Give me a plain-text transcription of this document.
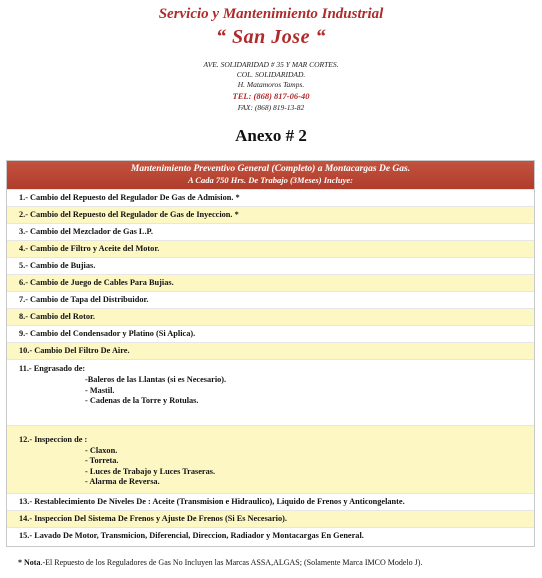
Servicio y Mantenimiento Industrial
“ San Jose “
AVE. SOLIDARIDAD # 35 Y MAR CORTES.
COL. SOLIDARIDAD.
H. Matamoros Tamps.
TEL: (868) 817-06-40
FAX: (868) 819-13-82
Anexo # 2
Mantenimiento Preventivo General (Completo) a Montacargas De Gas.
A Cada 750 Hrs. De Trabajo (3Meses) Incluye:
1.- Cambio del Repuesto del Regulador De Gas de Admision. *
2.- Cambio del Repuesto del Regulador de Gas de Inyeccion. *
3.- Cambio del Mezclador de Gas L.P.
4.- Cambio de Filtro y Aceite del Motor.
5.- Cambio de Bujias.
6.- Cambio de Juego de Cables Para Bujias.
7.- Cambio de Tapa del Distribuidor.
8.- Cambio del Rotor.
9.- Cambio del Condensador y Platino (Si Aplica).
10.- Cambio Del Filtro De Aire.
11.- Engrasado de:
-Baleros de las Llantas (si es Necesario).
- Mastil.
- Cadenas de la Torre y Rotulas.
12.- Inspeccion de :
- Claxon.
- Torreta.
- Luces de Trabajo y Luces Traseras.
- Alarma de Reversa.
13.- Restablecimiento De Niveles De : Aceite (Transmision e Hidraulico), Liquido de Frenos y Anticongelante.
14.- Inspeccion Del Sistema De Frenos y Ajuste De Frenos (Si Es Necesario).
15.- Lavado De Motor, Transmicion, Diferencial, Direccion, Radiador y Montacargas En General.
* Nota.-El Repuesto de los Reguladores de Gas No Incluyen las Marcas ASSA,ALGAS; (Solamente Marca IMCO Modelo J).
